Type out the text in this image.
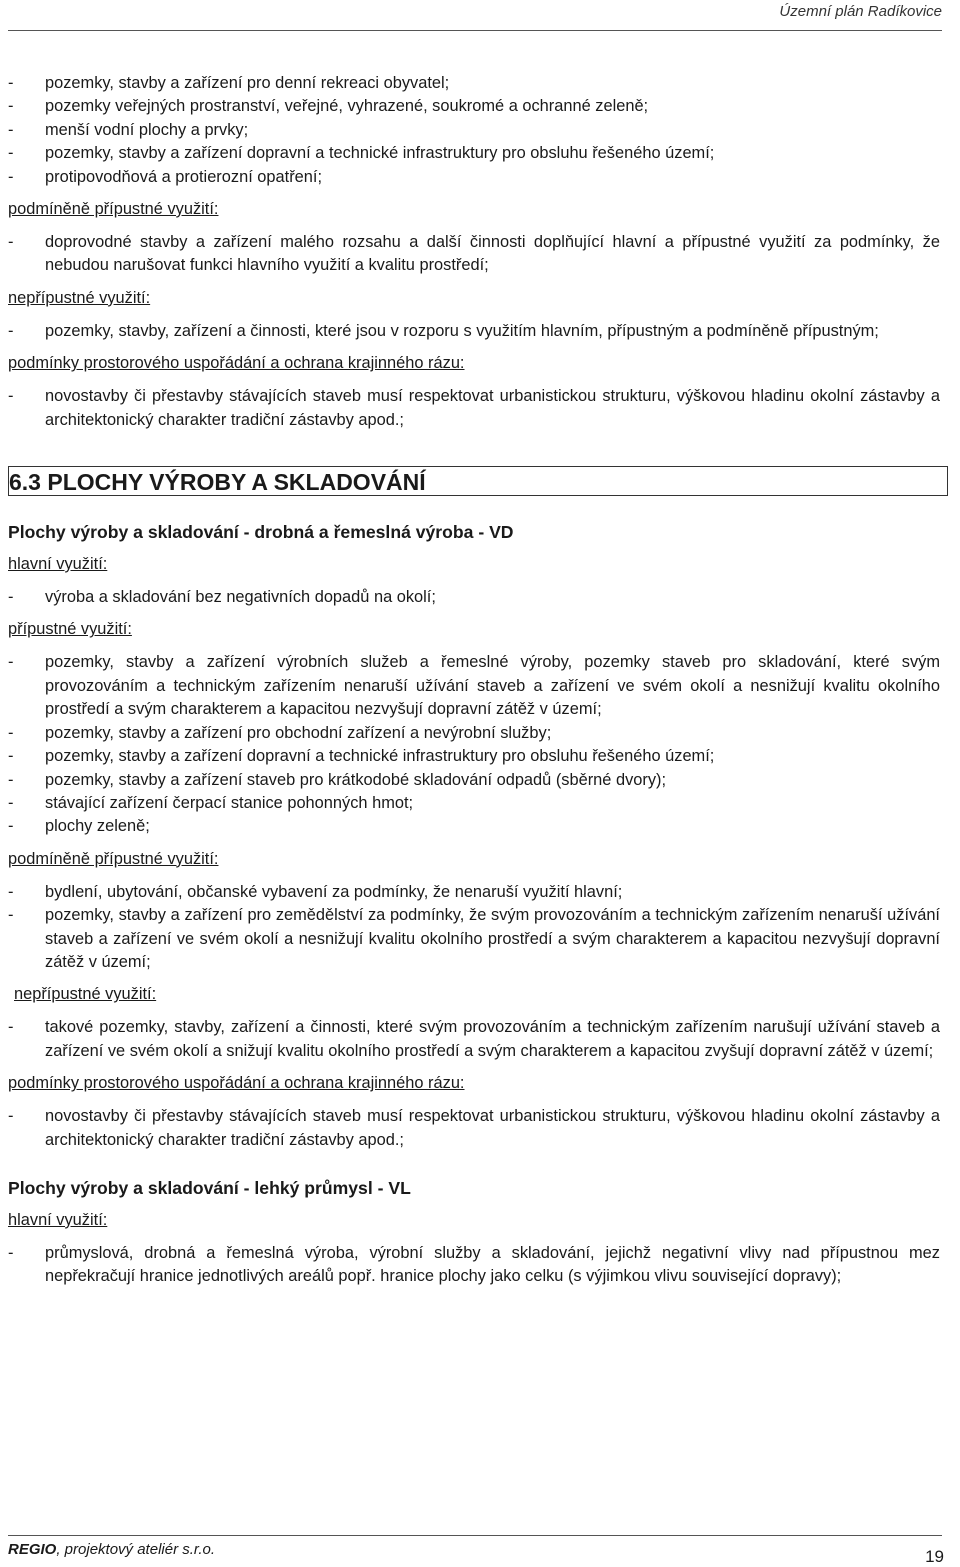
Územní plán Radíkovice
-	pozemky, stavby a zařízení pro denní rekreaci obyvatel;
-	pozemky veřejných prostranství, veřejné, vyhrazené, soukromé a ochranné zeleně;
-	menší vodní plochy a prvky;
-	pozemky, stavby a zařízení dopravní a technické infrastruktury pro obsluhu řešeného území;
-	protipovodňová a protierozní opatření;
podmíněně přípustné využití:
-	doprovodné stavby a zařízení malého rozsahu a další činnosti doplňující hlavní a přípustné využití za podmínky, že nebudou narušovat funkci hlavního využití a kvalitu prostředí;
nepřípustné využití:
-	pozemky, stavby, zařízení a činnosti, které jsou v rozporu s využitím hlavním, přípustným a podmíněně přípustným;
podmínky prostorového uspořádání a ochrana krajinného rázu:
-	novostavby či přestavby stávajících staveb musí respektovat urbanistickou strukturu, výškovou hladinu okolní zástavby a architektonický charakter tradiční zástavby apod.;
6.3 PLOCHY VÝROBY A SKLADOVÁNÍ
Plochy výroby a skladování - drobná a řemeslná výroba - VD
hlavní využití:
-	výroba a skladování bez negativních dopadů na okolí;
přípustné využití:
-	pozemky, stavby a zařízení výrobních služeb a řemeslné výroby, pozemky staveb pro skladování, které svým provozováním a technickým zařízením nenaruší užívání staveb a zařízení ve svém okolí a nesnižují kvalitu okolního prostředí a svým charakterem a kapacitou nezvyšují dopravní zátěž v území;
-	pozemky, stavby a zařízení pro obchodní zařízení a nevýrobní služby;
-	pozemky, stavby a zařízení dopravní a technické infrastruktury pro obsluhu řešeného území;
-	pozemky, stavby a zařízení staveb pro krátkodobé skladování odpadů (sběrné dvory);
-	stávající zařízení čerpací stanice pohonných hmot;
-	plochy zeleně;
podmíněně přípustné využití:
-	bydlení, ubytování, občanské vybavení za podmínky, že nenaruší využití hlavní;
-	pozemky, stavby a zařízení pro zemědělství za podmínky, že svým provozováním a technickým zařízením nenaruší užívání staveb a zařízení ve svém okolí a nesnižují kvalitu okolního prostředí a svým charakterem a kapacitou nezvyšují dopravní zátěž v území;
nepřípustné využití:
-	takové pozemky, stavby, zařízení a činnosti, které svým provozováním a technickým zařízením narušují užívání staveb a zařízení ve svém okolí a snižují kvalitu okolního prostředí a svým charakterem a kapacitou zvyšují dopravní zátěž v území;
podmínky prostorového uspořádání a ochrana krajinného rázu:
-	novostavby či přestavby stávajících staveb musí respektovat urbanistickou strukturu, výškovou hladinu okolní zástavby a architektonický charakter tradiční zástavby apod.;
Plochy výroby a skladování - lehký průmysl - VL
hlavní využití:
-	průmyslová, drobná a řemeslná výroba, výrobní služby a skladování, jejichž negativní vlivy nad přípustnou mez nepřekračují hranice jednotlivých areálů popř. hranice plochy jako celku (s výjimkou vlivu související dopravy);
REGIO, projektový ateliér s.r.o.	19
